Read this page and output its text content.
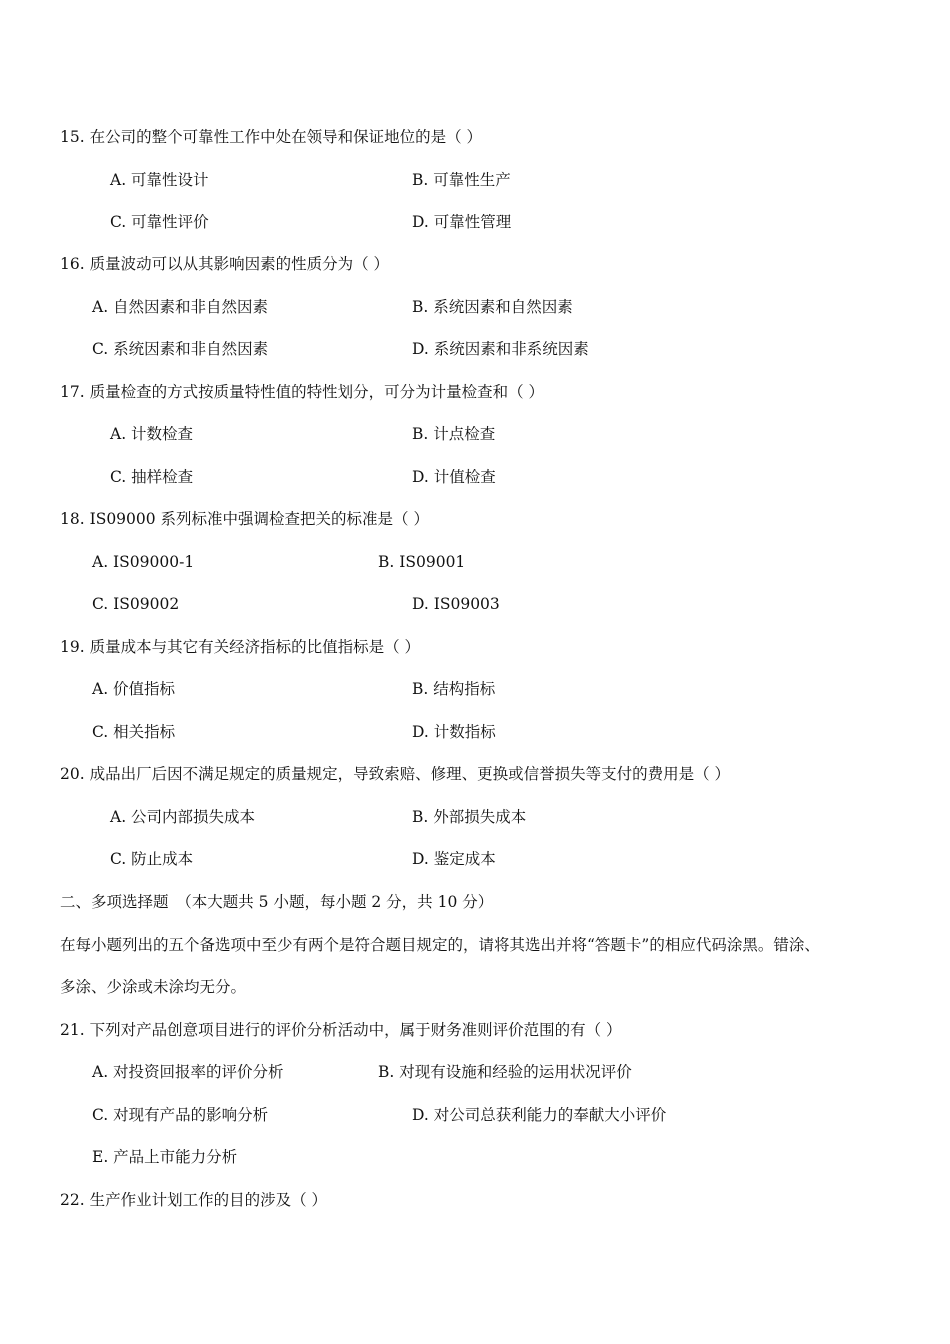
15. 在公司的整个可靠性工作中处在领导和保证地位的是（ ）
A. 可靠性设计	B. 可靠性生产
C. 可靠性评价	D. 可靠性管理
16. 质量波动可以从其影响因素的性质分为（ ）
A. 自然因素和非自然因素	B. 系统因素和自然因素
C. 系统因素和非自然因素	D. 系统因素和非系统因素
17. 质量检查的方式按质量特性值的特性划分，可分为计量检查和（ ）
A. 计数检查	B. 计点检查
C. 抽样检查	D. 计值检查
18. IS09000 系列标准中强调检查把关的标准是（ ）
A. IS09000-1	B. IS09001
C. IS09002	D. IS09003
19. 质量成本与其它有关经济指标的比值指标是（ ）
A. 价值指标	B. 结构指标
C. 相关指标	D. 计数指标
20. 成品出厂后因不满足规定的质量规定，导致索赔、修理、更换或信誉损失等支付的费用是（ ）
A. 公司内部损失成本	B. 外部损失成本
C. 防止成本	D. 鉴定成本
二、多项选择题　（本大题共 5 小题，每小题 2 分，共 10 分）
在每小题列出的五个备选项中至少有两个是符合题目规定的，请将其选出并将“答题卡”的相应代码涂黑。错涂、
多涂、少涂或未涂均无分。
21. 下列对产品创意项目进行的评价分析活动中，属于财务准则评价范围的有（ ）
A. 对投资回报率的评价分析	B. 对现有设施和经验的运用状况评价
C. 对现有产品的影响分析	D. 对公司总获利能力的奉献大小评价
E. 产品上市能力分析
22. 生产作业计划工作的目的涉及（ ）
